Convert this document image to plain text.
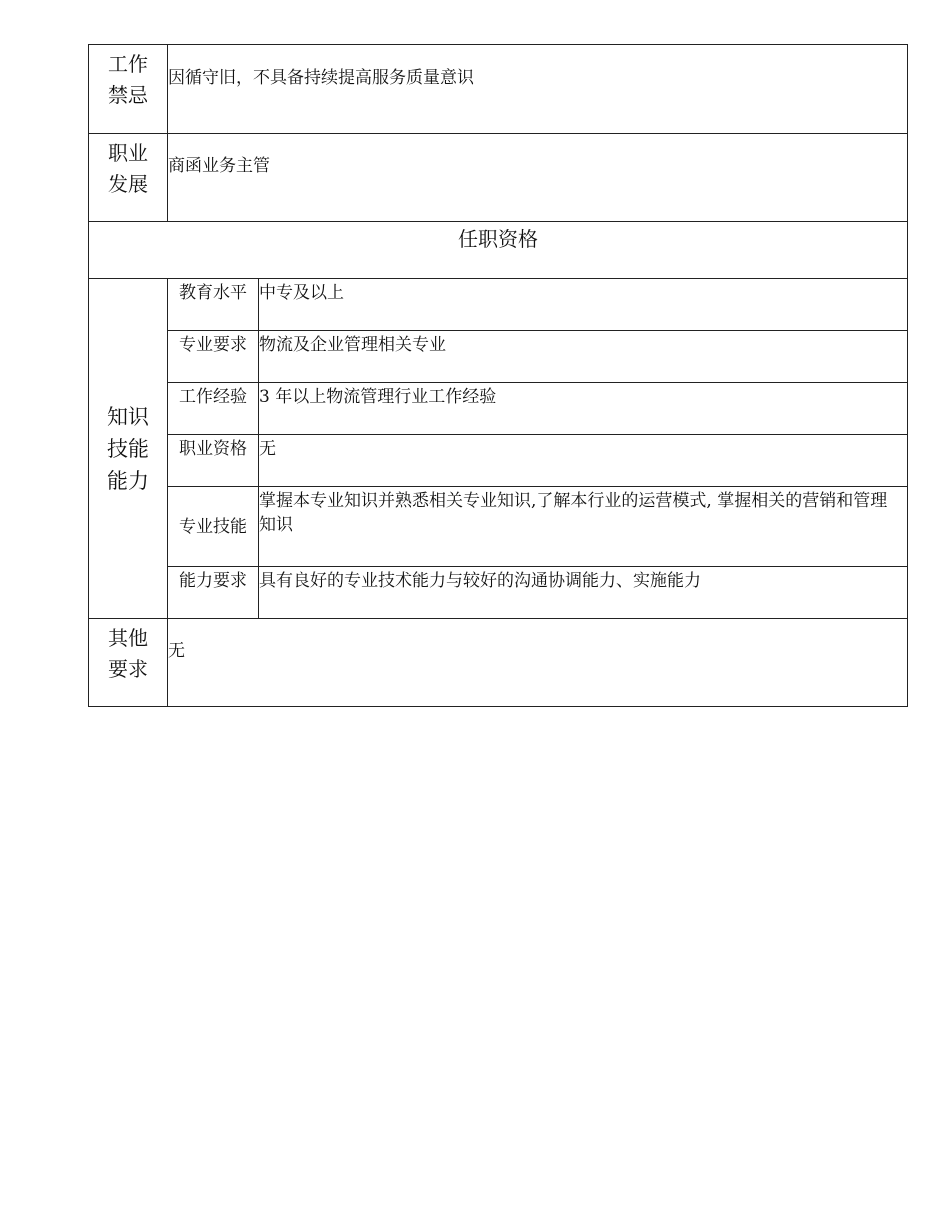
工作
禁忌	因循守旧，不具备持续提高服务质量意识	

职业
发展	商函业务主管	
任职资格		

知识
技能
能力	教育水平	中专及以上
	专业要求	物流及企业管理相关专业
	工作经验	3 年以上物流管理行业工作经验
	职业资格	无
	专业技能	掌握本专业知识并熟悉相关专业知识,了解本行业的运营模式, 掌握相关的营销和管理知识
	能力要求	具有良好的专业技术能力与较好的沟通协调能力、实施能力

其他
要求	无	
